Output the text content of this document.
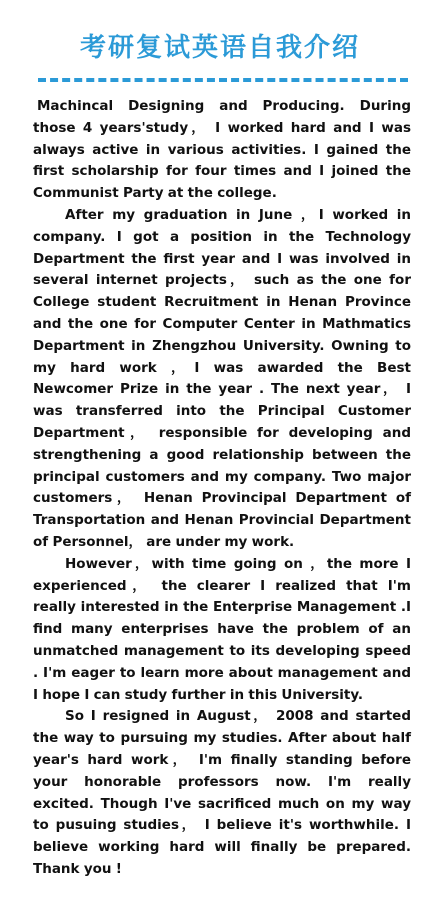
考研复试英语自我介绍

Machincal Designing and Producing. During those 4 years'study， I worked hard and I was always active in various activities. I gained the first scholarship for four times and I joined the Communist Party at the college.

After my graduation in June ，I worked in company. I got a position in the Technology Department the first year and I was involved in several internet projects， such as the one for College student Recruitment in Henan Province and the one for Computer Center in Mathmatics Department in Zhengzhou University. Owning to my hard work ，I was awarded the Best Newcomer Prize in the year . The next year， I was transferred into the Principal Customer Department， responsible for developing and strengthening a good relationship between the principal customers and my company. Two major customers， Henan Provincipal Department of Transportation and Henan Provincial Department of Personnel， are under my work.

However，with time going on ，the more I experienced， the clearer I realized that I'm really interested in the Enterprise Management .I find many enterprises have the problem of an unmatched management to its developing speed . I'm eager to learn more about management and I hope I can study further in this University.

So I resigned in August， 2008 and started the way to pursuing my studies. After about half year's hard work， I'm finally standing before your honorable professors now. I'm really excited. Though I've sacrificed much on my way to pusuing studies， I believe it's worthwhile. I believe working hard will finally be prepared. Thank you !
